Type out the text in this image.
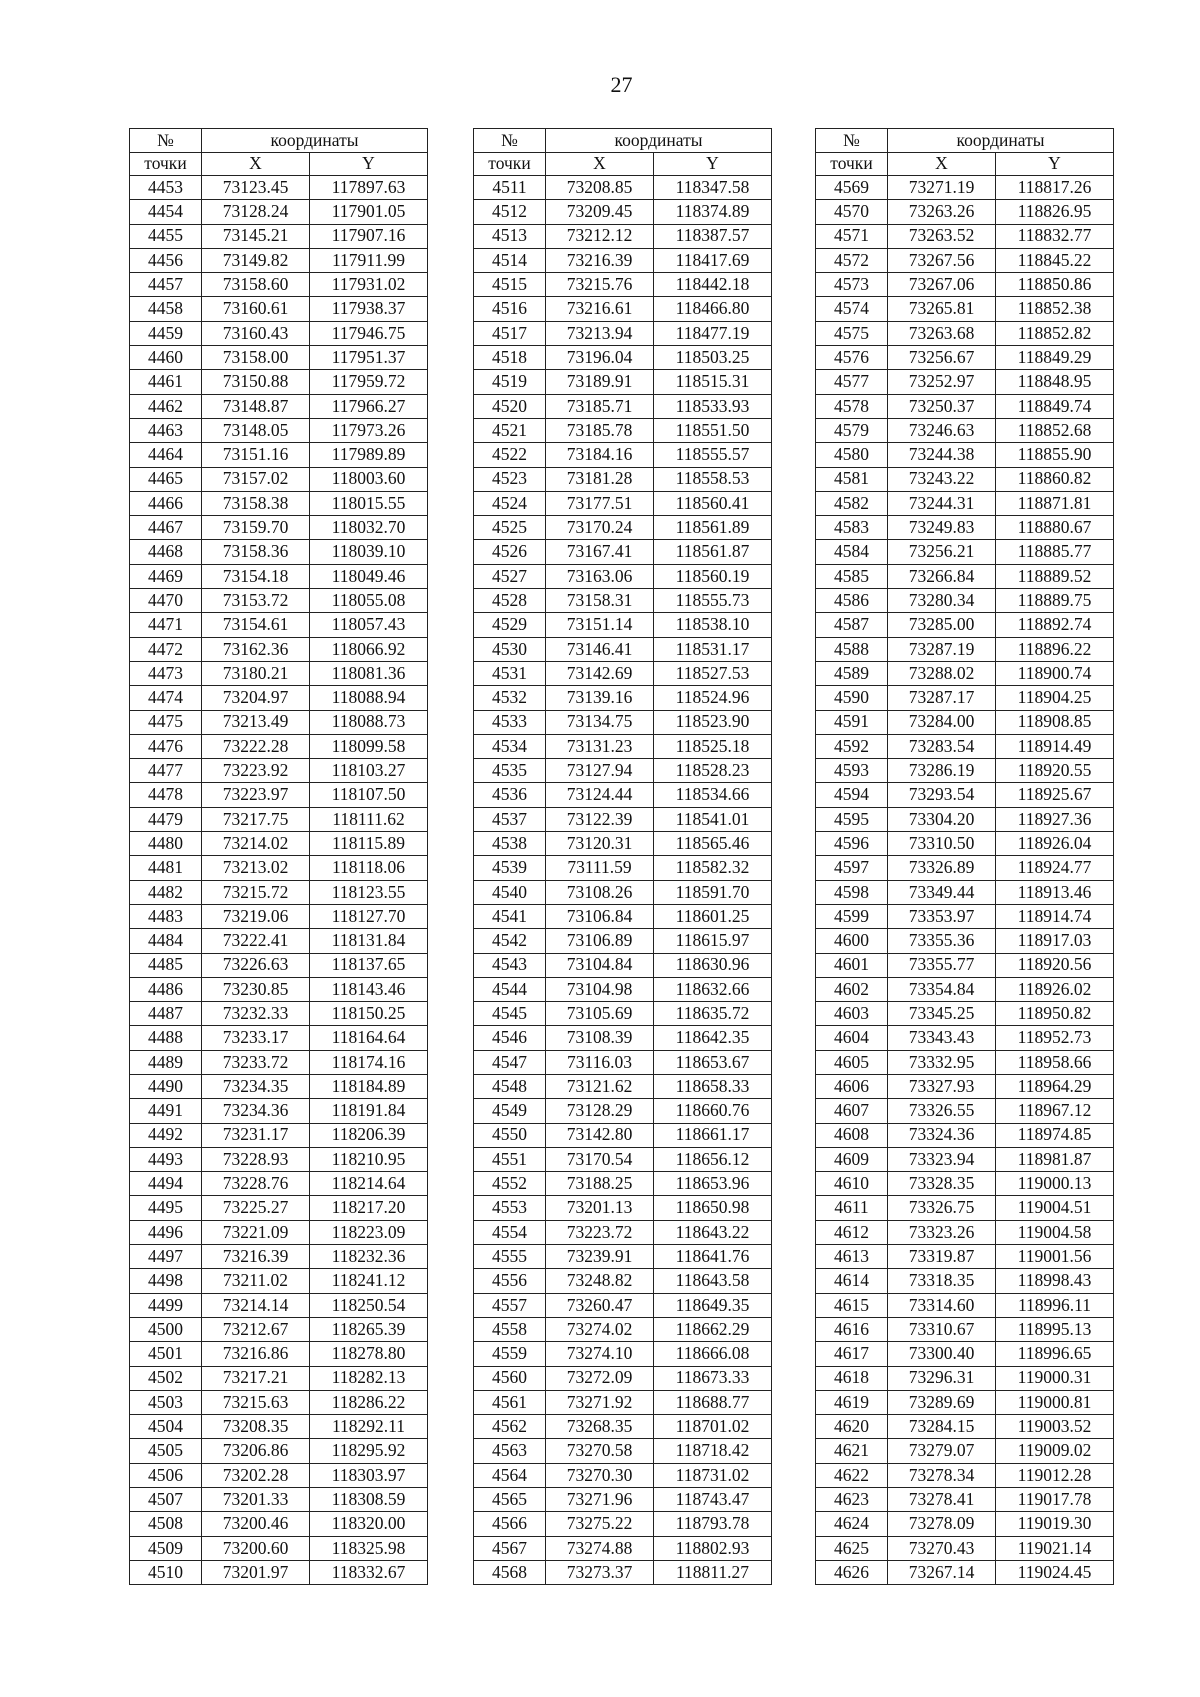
27
№	координаты	
точки	X	Y
4453	73123.45	117897.63
4454	73128.24	117901.05
4455	73145.21	117907.16
4456	73149.82	117911.99
4457	73158.60	117931.02
4458	73160.61	117938.37
4459	73160.43	117946.75
4460	73158.00	117951.37
4461	73150.88	117959.72
4462	73148.87	117966.27
4463	73148.05	117973.26
4464	73151.16	117989.89
4465	73157.02	118003.60
4466	73158.38	118015.55
4467	73159.70	118032.70
4468	73158.36	118039.10
4469	73154.18	118049.46
4470	73153.72	118055.08
4471	73154.61	118057.43
4472	73162.36	118066.92
4473	73180.21	118081.36
4474	73204.97	118088.94
4475	73213.49	118088.73
4476	73222.28	118099.58
4477	73223.92	118103.27
4478	73223.97	118107.50
4479	73217.75	118111.62
4480	73214.02	118115.89
4481	73213.02	118118.06
4482	73215.72	118123.55
4483	73219.06	118127.70
4484	73222.41	118131.84
4485	73226.63	118137.65
4486	73230.85	118143.46
4487	73232.33	118150.25
4488	73233.17	118164.64
4489	73233.72	118174.16
4490	73234.35	118184.89
4491	73234.36	118191.84
4492	73231.17	118206.39
4493	73228.93	118210.95
4494	73228.76	118214.64
4495	73225.27	118217.20
4496	73221.09	118223.09
4497	73216.39	118232.36
4498	73211.02	118241.12
4499	73214.14	118250.54
4500	73212.67	118265.39
4501	73216.86	118278.80
4502	73217.21	118282.13
4503	73215.63	118286.22
4504	73208.35	118292.11
4505	73206.86	118295.92
4506	73202.28	118303.97
4507	73201.33	118308.59
4508	73200.46	118320.00
4509	73200.60	118325.98
4510	73201.97	118332.67
№	координаты	
точки	X	Y
4511	73208.85	118347.58
4512	73209.45	118374.89
4513	73212.12	118387.57
4514	73216.39	118417.69
4515	73215.76	118442.18
4516	73216.61	118466.80
4517	73213.94	118477.19
4518	73196.04	118503.25
4519	73189.91	118515.31
4520	73185.71	118533.93
4521	73185.78	118551.50
4522	73184.16	118555.57
4523	73181.28	118558.53
4524	73177.51	118560.41
4525	73170.24	118561.89
4526	73167.41	118561.87
4527	73163.06	118560.19
4528	73158.31	118555.73
4529	73151.14	118538.10
4530	73146.41	118531.17
4531	73142.69	118527.53
4532	73139.16	118524.96
4533	73134.75	118523.90
4534	73131.23	118525.18
4535	73127.94	118528.23
4536	73124.44	118534.66
4537	73122.39	118541.01
4538	73120.31	118565.46
4539	73111.59	118582.32
4540	73108.26	118591.70
4541	73106.84	118601.25
4542	73106.89	118615.97
4543	73104.84	118630.96
4544	73104.98	118632.66
4545	73105.69	118635.72
4546	73108.39	118642.35
4547	73116.03	118653.67
4548	73121.62	118658.33
4549	73128.29	118660.76
4550	73142.80	118661.17
4551	73170.54	118656.12
4552	73188.25	118653.96
4553	73201.13	118650.98
4554	73223.72	118643.22
4555	73239.91	118641.76
4556	73248.82	118643.58
4557	73260.47	118649.35
4558	73274.02	118662.29
4559	73274.10	118666.08
4560	73272.09	118673.33
4561	73271.92	118688.77
4562	73268.35	118701.02
4563	73270.58	118718.42
4564	73270.30	118731.02
4565	73271.96	118743.47
4566	73275.22	118793.78
4567	73274.88	118802.93
4568	73273.37	118811.27
№	координаты	
точки	X	Y
4569	73271.19	118817.26
4570	73263.26	118826.95
4571	73263.52	118832.77
4572	73267.56	118845.22
4573	73267.06	118850.86
4574	73265.81	118852.38
4575	73263.68	118852.82
4576	73256.67	118849.29
4577	73252.97	118848.95
4578	73250.37	118849.74
4579	73246.63	118852.68
4580	73244.38	118855.90
4581	73243.22	118860.82
4582	73244.31	118871.81
4583	73249.83	118880.67
4584	73256.21	118885.77
4585	73266.84	118889.52
4586	73280.34	118889.75
4587	73285.00	118892.74
4588	73287.19	118896.22
4589	73288.02	118900.74
4590	73287.17	118904.25
4591	73284.00	118908.85
4592	73283.54	118914.49
4593	73286.19	118920.55
4594	73293.54	118925.67
4595	73304.20	118927.36
4596	73310.50	118926.04
4597	73326.89	118924.77
4598	73349.44	118913.46
4599	73353.97	118914.74
4600	73355.36	118917.03
4601	73355.77	118920.56
4602	73354.84	118926.02
4603	73345.25	118950.82
4604	73343.43	118952.73
4605	73332.95	118958.66
4606	73327.93	118964.29
4607	73326.55	118967.12
4608	73324.36	118974.85
4609	73323.94	118981.87
4610	73328.35	119000.13
4611	73326.75	119004.51
4612	73323.26	119004.58
4613	73319.87	119001.56
4614	73318.35	118998.43
4615	73314.60	118996.11
4616	73310.67	118995.13
4617	73300.40	118996.65
4618	73296.31	119000.31
4619	73289.69	119000.81
4620	73284.15	119003.52
4621	73279.07	119009.02
4622	73278.34	119012.28
4623	73278.41	119017.78
4624	73278.09	119019.30
4625	73270.43	119021.14
4626	73267.14	119024.45
